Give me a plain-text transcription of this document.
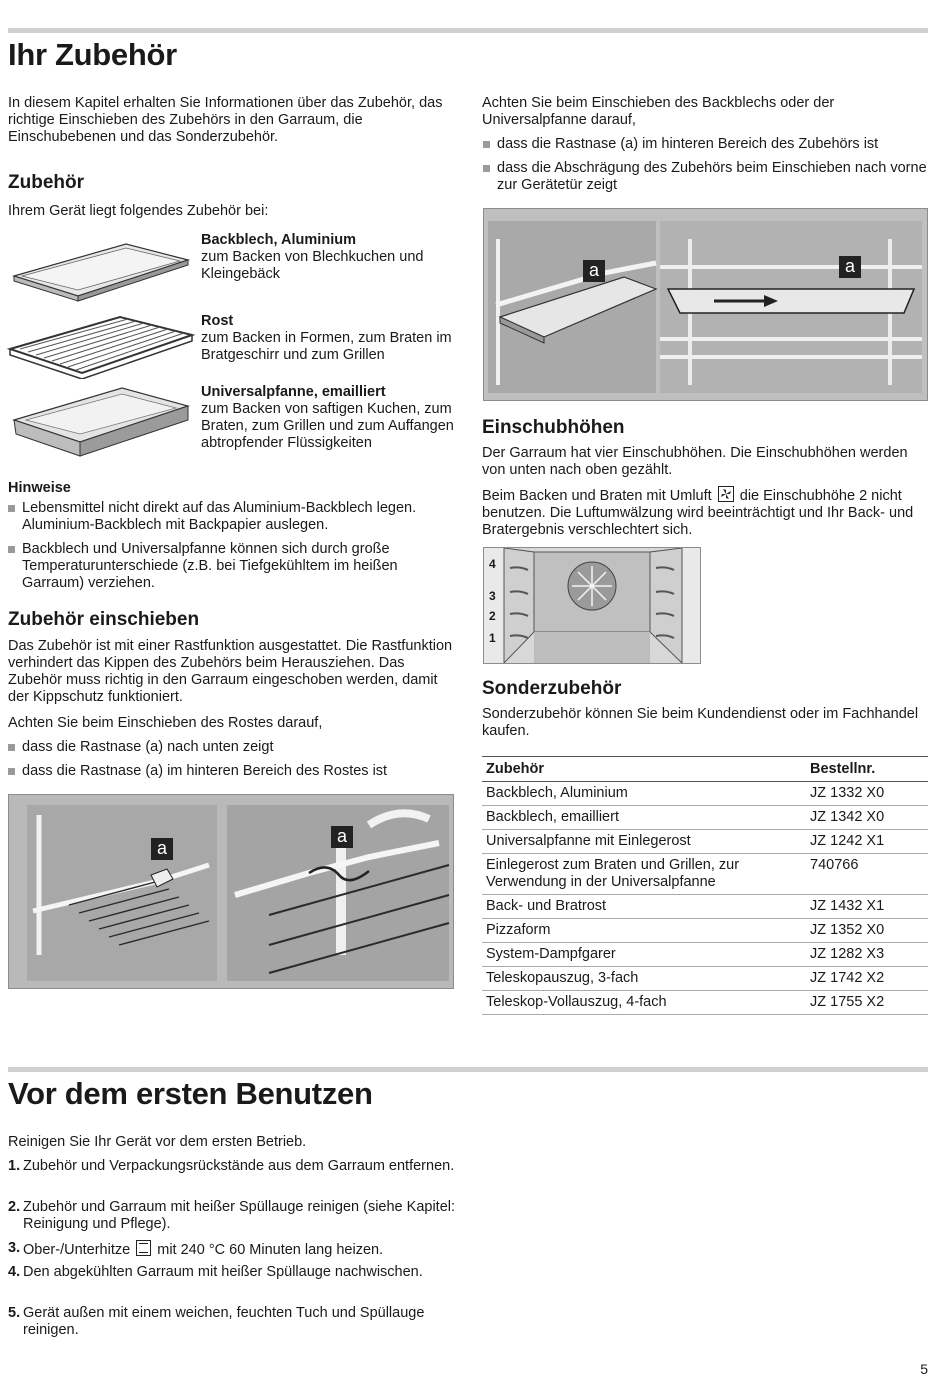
Ihr Zubehör

In diesem Kapitel erhalten Sie Informationen über das Zubehör, das richtige Einschieben des Zubehörs in den Garraum, die Einschubebenen und das Sonderzubehör.

Zubehör

Ihrem Gerät liegt folgendes Zubehör bei:

Backblech, Aluminium
zum Backen von Blechkuchen und Kleingebäck
Rost
zum Backen in Formen, zum Braten im Bratgeschirr und zum Grillen
Universalpfanne, emailliert
zum Backen von saftigen Kuchen, zum Braten, zum Grillen und zum Auffangen abtropfender Flüssigkeiten
Hinweise
Lebensmittel nicht direkt auf das Aluminium-Backblech legen. Aluminium-Backblech mit Backpapier auslegen.
Backblech und Universalpfanne können sich durch große Temperaturunterschiede (z.B. bei Tiefgekühltem im heißen Garraum) verziehen.
Zubehör einschieben

Das Zubehör ist mit einer Rastfunktion ausgestattet. Die Rastfunktion verhindert das Kippen des Zubehörs beim Herausziehen. Das Zubehör muss richtig in den Garraum eingeschoben werden, damit der Kippschutz funktioniert.

Achten Sie beim Einschieben des Rostes darauf,

dass die Rastnase (a) nach unten zeigt
dass die Rastnase (a) im hinteren Bereich des Rostes ist
a
a

Achten Sie beim Einschieben des Backblechs oder der Universalpfanne darauf,

dass die Rastnase (a) im hinteren Bereich des Zubehörs ist
dass die Abschrägung des Zubehörs beim Einschieben nach vorne zur Gerätetür zeigt
a	a
Einschubhöhen

Der Garraum hat vier Einschubhöhen. Die Einschubhöhen werden von unten nach oben gezählt.

Beim Backen und Braten mit Umluft die Einschubhöhe 2 nicht benutzen. Die Luftumwälzung wird beeinträchtigt und Ihr Back- und Bratergebnis verschlechtert sich.

4
3
2
1
Sonderzubehör

Sonderzubehör können Sie beim Kundendienst oder im Fachhandel kaufen.

Zubehör	Bestellnr.
Backblech, Aluminium	JZ 1332 X0
Backblech, emailliert	JZ 1342 X0
Universalpfanne mit Einlegerost	JZ 1242 X1
Einlegerost zum Braten und Grillen, zur Verwendung in der Universalpfanne	740766
Back- und Bratrost	JZ 1432 X1
Pizzaform	JZ 1352 X0
System-Dampfgarer	JZ 1282 X3
Teleskopauszug, 3-fach	JZ 1742 X2
Teleskop-Vollauszug, 4-fach	JZ 1755 X2
Vor dem ersten Benutzen

Reinigen Sie Ihr Gerät vor dem ersten Betrieb.

1. Zubehör und Verpackungsrückstände aus dem Garraum entfernen.
2. Zubehör und Garraum mit heißer Spüllauge reinigen (siehe Kapitel: Reinigung und Pflege).
3. Ober-/Unterhitze mit 240 °C 60 Minuten lang heizen.
4. Den abgekühlten Garraum mit heißer Spüllauge nachwischen.
5. Gerät außen mit einem weichen, feuchten Tuch und Spüllauge reinigen.
5
